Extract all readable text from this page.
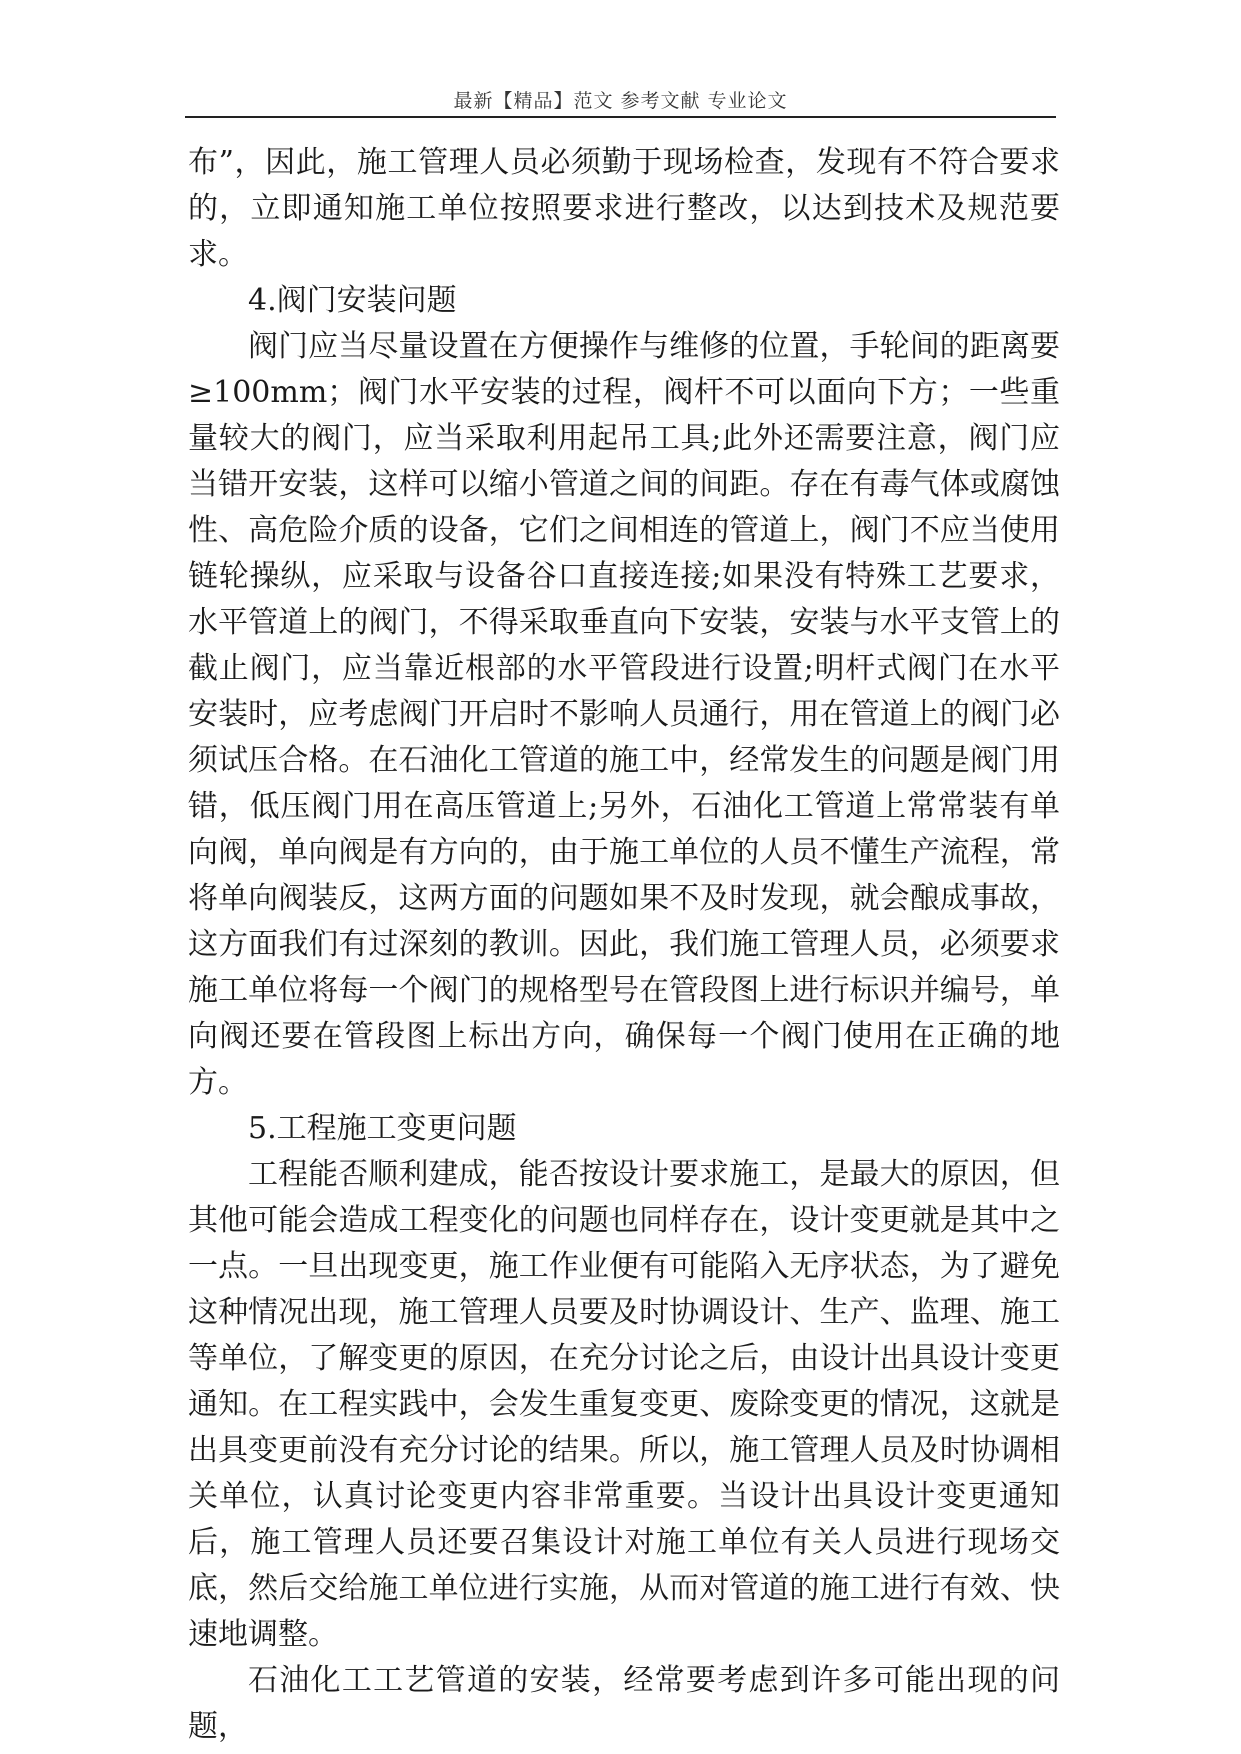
最新【精品】范文 参考文献 专业论文

布”，因此，施工管理人员必须勤于现场检查，发现有不符合要求的，立即通知施工单位按照要求进行整改，以达到技术及规范要求。

4.阀门安装问题

阀门应当尽量设置在方便操作与维修的位置，手轮间的距离要≥100mm；阀门水平安装的过程，阀杆不可以面向下方；一些重量较大的阀门，应当采取利用起吊工具;此外还需要注意，阀门应当错开安装，这样可以缩小管道之间的间距。存在有毒气体或腐蚀性、高危险介质的设备，它们之间相连的管道上，阀门不应当使用链轮操纵，应采取与设备谷口直接连接;如果没有特殊工艺要求，水平管道上的阀门，不得采取垂直向下安装，安装与水平支管上的截止阀门，应当靠近根部的水平管段进行设置;明杆式阀门在水平安装时，应考虑阀门开启时不影响人员通行，用在管道上的阀门必须试压合格。在石油化工管道的施工中，经常发生的问题是阀门用错，低压阀门用在高压管道上;另外，石油化工管道上常常装有单向阀，单向阀是有方向的，由于施工单位的人员不懂生产流程，常将单向阀装反，这两方面的问题如果不及时发现，就会酿成事故，这方面我们有过深刻的教训。因此，我们施工管理人员，必须要求施工单位将每一个阀门的规格型号在管段图上进行标识并编号，单向阀还要在管段图上标出方向，确保每一个阀门使用在正确的地方。

5.工程施工变更问题

工程能否顺利建成，能否按设计要求施工，是最大的原因，但其他可能会造成工程变化的问题也同样存在，设计变更就是其中之一点。一旦出现变更，施工作业便有可能陷入无序状态，为了避免这种情况出现，施工管理人员要及时协调设计、生产、监理、施工等单位，了解变更的原因，在充分讨论之后，由设计出具设计变更通知。在工程实践中，会发生重复变更、废除变更的情况，这就是出具变更前没有充分讨论的结果。所以，施工管理人员及时协调相关单位，认真讨论变更内容非常重要。当设计出具设计变更通知后，施工管理人员还要召集设计对施工单位有关人员进行现场交底，然后交给施工单位进行实施，从而对管道的施工进行有效、快速地调整。

石油化工工艺管道的安装，经常要考虑到许多可能出现的问题，
